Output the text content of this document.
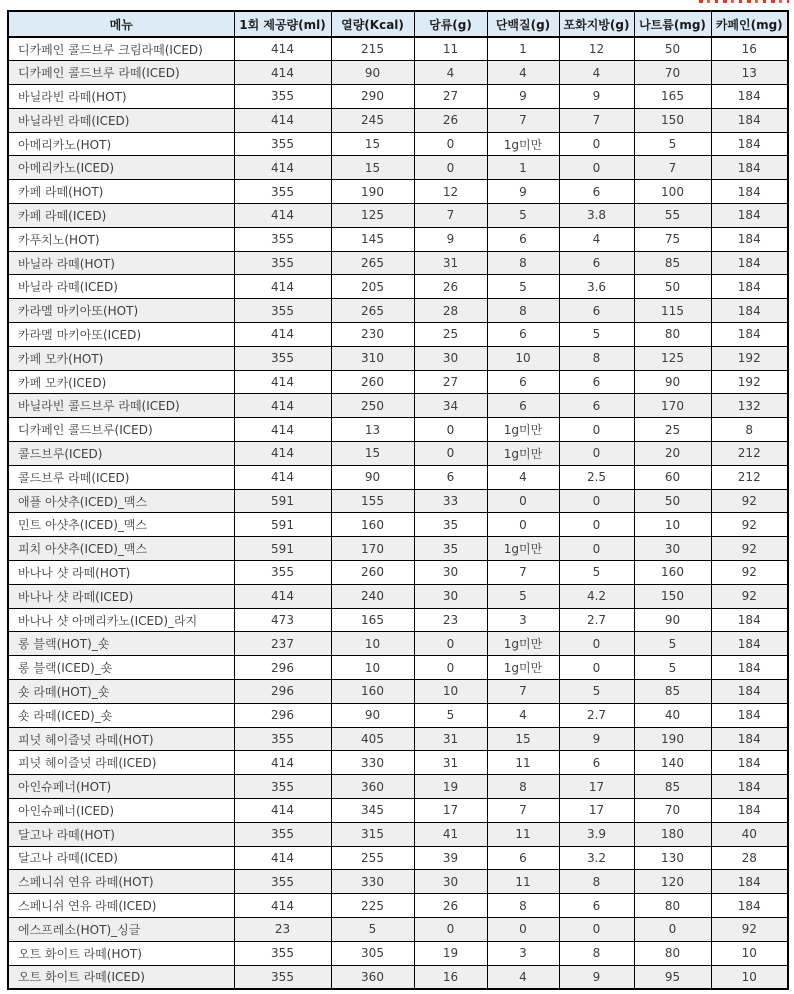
메뉴	1회 제공량(ml)	열량(Kcal)	당류(g)	단백질(g)	포화지방(g)	나트륨(mg)	카페인(mg)
디카페인 콜드브루 크림라떼(ICED)	414	215	11	1	12	50	16
디카페인 콜드브루 라떼(ICED)	414	90	4	4	4	70	13
바닐라빈 라떼(HOT)	355	290	27	9	9	165	184
바닐라빈 라떼(ICED)	414	245	26	7	7	150	184
아메리카노(HOT)	355	15	0	1g미만	0	5	184
아메리카노(ICED)	414	15	0	1	0	7	184
카페 라떼(HOT)	355	190	12	9	6	100	184
카페 라떼(ICED)	414	125	7	5	3.8	55	184
카푸치노(HOT)	355	145	9	6	4	75	184
바닐라 라떼(HOT)	355	265	31	8	6	85	184
바닐라 라떼(ICED)	414	205	26	5	3.6	50	184
카라멜 마키아또(HOT)	355	265	28	8	6	115	184
카라멜 마키아또(ICED)	414	230	25	6	5	80	184
카페 모카(HOT)	355	310	30	10	8	125	192
카페 모카(ICED)	414	260	27	6	6	90	192
바닐라빈 콜드브루 라떼(ICED)	414	250	34	6	6	170	132
디카페인 콜드브루(ICED)	414	13	0	1g미만	0	25	8
콜드브루(ICED)	414	15	0	1g미만	0	20	212
콜드브루 라떼(ICED)	414	90	6	4	2.5	60	212
애플 아샷추(ICED)_맥스	591	155	33	0	0	50	92
민트 아샷추(ICED)_맥스	591	160	35	0	0	10	92
피치 아샷추(ICED)_맥스	591	170	35	1g미만	0	30	92
바나나 샷 라떼(HOT)	355	260	30	7	5	160	92
바나나 샷 라떼(ICED)	414	240	30	5	4.2	150	92
바나나 샷 아메리카노(ICED)_라지	473	165	23	3	2.7	90	184
롱 블랙(HOT)_숏	237	10	0	1g미만	0	5	184
롱 블랙(ICED)_숏	296	10	0	1g미만	0	5	184
숏 라떼(HOT)_숏	296	160	10	7	5	85	184
숏 라떼(ICED)_숏	296	90	5	4	2.7	40	184
피넛 헤이즐넛 라떼(HOT)	355	405	31	15	9	190	184
피넛 헤이즐넛 라떼(ICED)	414	330	31	11	6	140	184
아인슈페너(HOT)	355	360	19	8	17	85	184
아인슈페너(ICED)	414	345	17	7	17	70	184
달고나 라떼(HOT)	355	315	41	11	3.9	180	40
달고나 라떼(ICED)	414	255	39	6	3.2	130	28
스페니쉬 연유 라떼(HOT)	355	330	30	11	8	120	184
스페니쉬 연유 라떼(ICED)	414	225	26	8	6	80	184
에스프레소(HOT)_싱글	23	5	0	0	0	0	92
오트 화이트 라떼(HOT)	355	305	19	3	8	80	10
오트 화이트 라떼(ICED)	355	360	16	4	9	95	10
